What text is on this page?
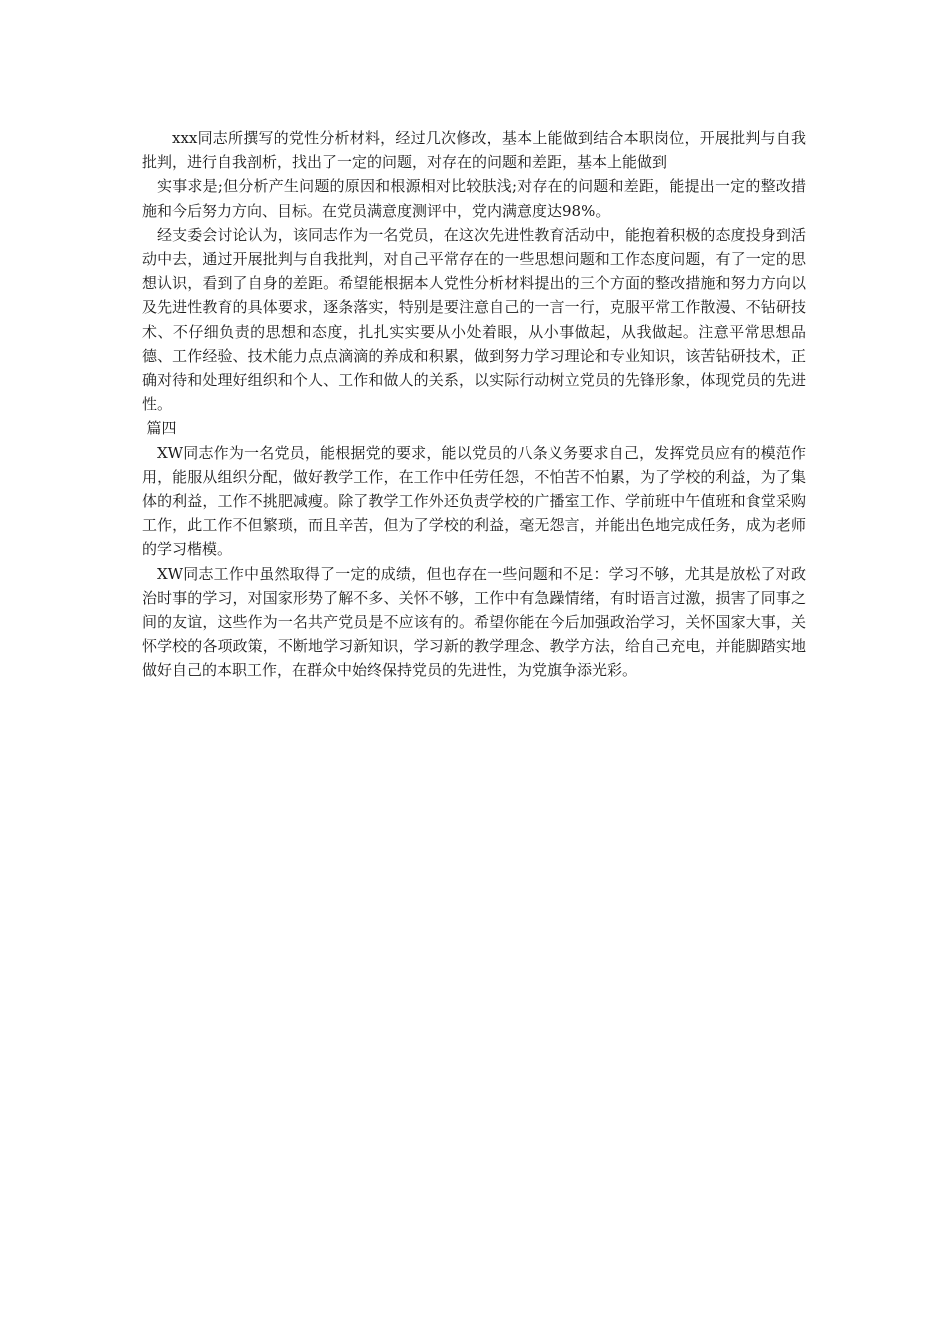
xxx同志所撰写的党性分析材料，经过几次修改，基本上能做到结合本职岗位，开展批判与自我批判，进行自我剖析，找出了一定的问题，对存在的问题和差距，基本上能做到

实事求是;但分析产生问题的原因和根源相对比较肤浅;对存在的问题和差距，能提出一定的整改措施和今后努力方向、目标。在党员满意度测评中，党内满意度达98%。

经支委会讨论认为，该同志作为一名党员，在这次先进性教育活动中，能抱着积极的态度投身到活动中去，通过开展批判与自我批判，对自己平常存在的一些思想问题和工作态度问题，有了一定的思想认识，看到了自身的差距。希望能根据本人党性分析材料提出的三个方面的整改措施和努力方向以及先进性教育的具体要求，逐条落实，特别是要注意自己的一言一行，克服平常工作散漫、不钻研技术、不仔细负责的思想和态度，扎扎实实要从小处着眼，从小事做起，从我做起。注意平常思想品德、工作经验、技术能力点点滴滴的养成和积累，做到努力学习理论和专业知识，该苦钻研技术，正确对待和处理好组织和个人、工作和做人的关系，以实际行动树立党员的先锋形象，体现党员的先进性。

篇四

XW同志作为一名党员，能根据党的要求，能以党员的八条义务要求自己，发挥党员应有的模范作用，能服从组织分配，做好教学工作，在工作中任劳任怨，不怕苦不怕累，为了学校的利益，为了集体的利益，工作不挑肥减瘦。除了教学工作外还负责学校的广播室工作、学前班中午值班和食堂采购工作，此工作不但繁琐，而且辛苦，但为了学校的利益，毫无怨言，并能出色地完成任务，成为老师的学习楷模。

XW同志工作中虽然取得了一定的成绩，但也存在一些问题和不足：学习不够，尤其是放松了对政治时事的学习，对国家形势了解不多、关怀不够，工作中有急躁情绪，有时语言过激，损害了同事之间的友谊，这些作为一名共产党员是不应该有的。希望你能在今后加强政治学习，关怀国家大事，关怀学校的各项政策，不断地学习新知识，学习新的教学理念、教学方法，给自己充电，并能脚踏实地做好自己的本职工作，在群众中始终保持党员的先进性，为党旗争添光彩。
